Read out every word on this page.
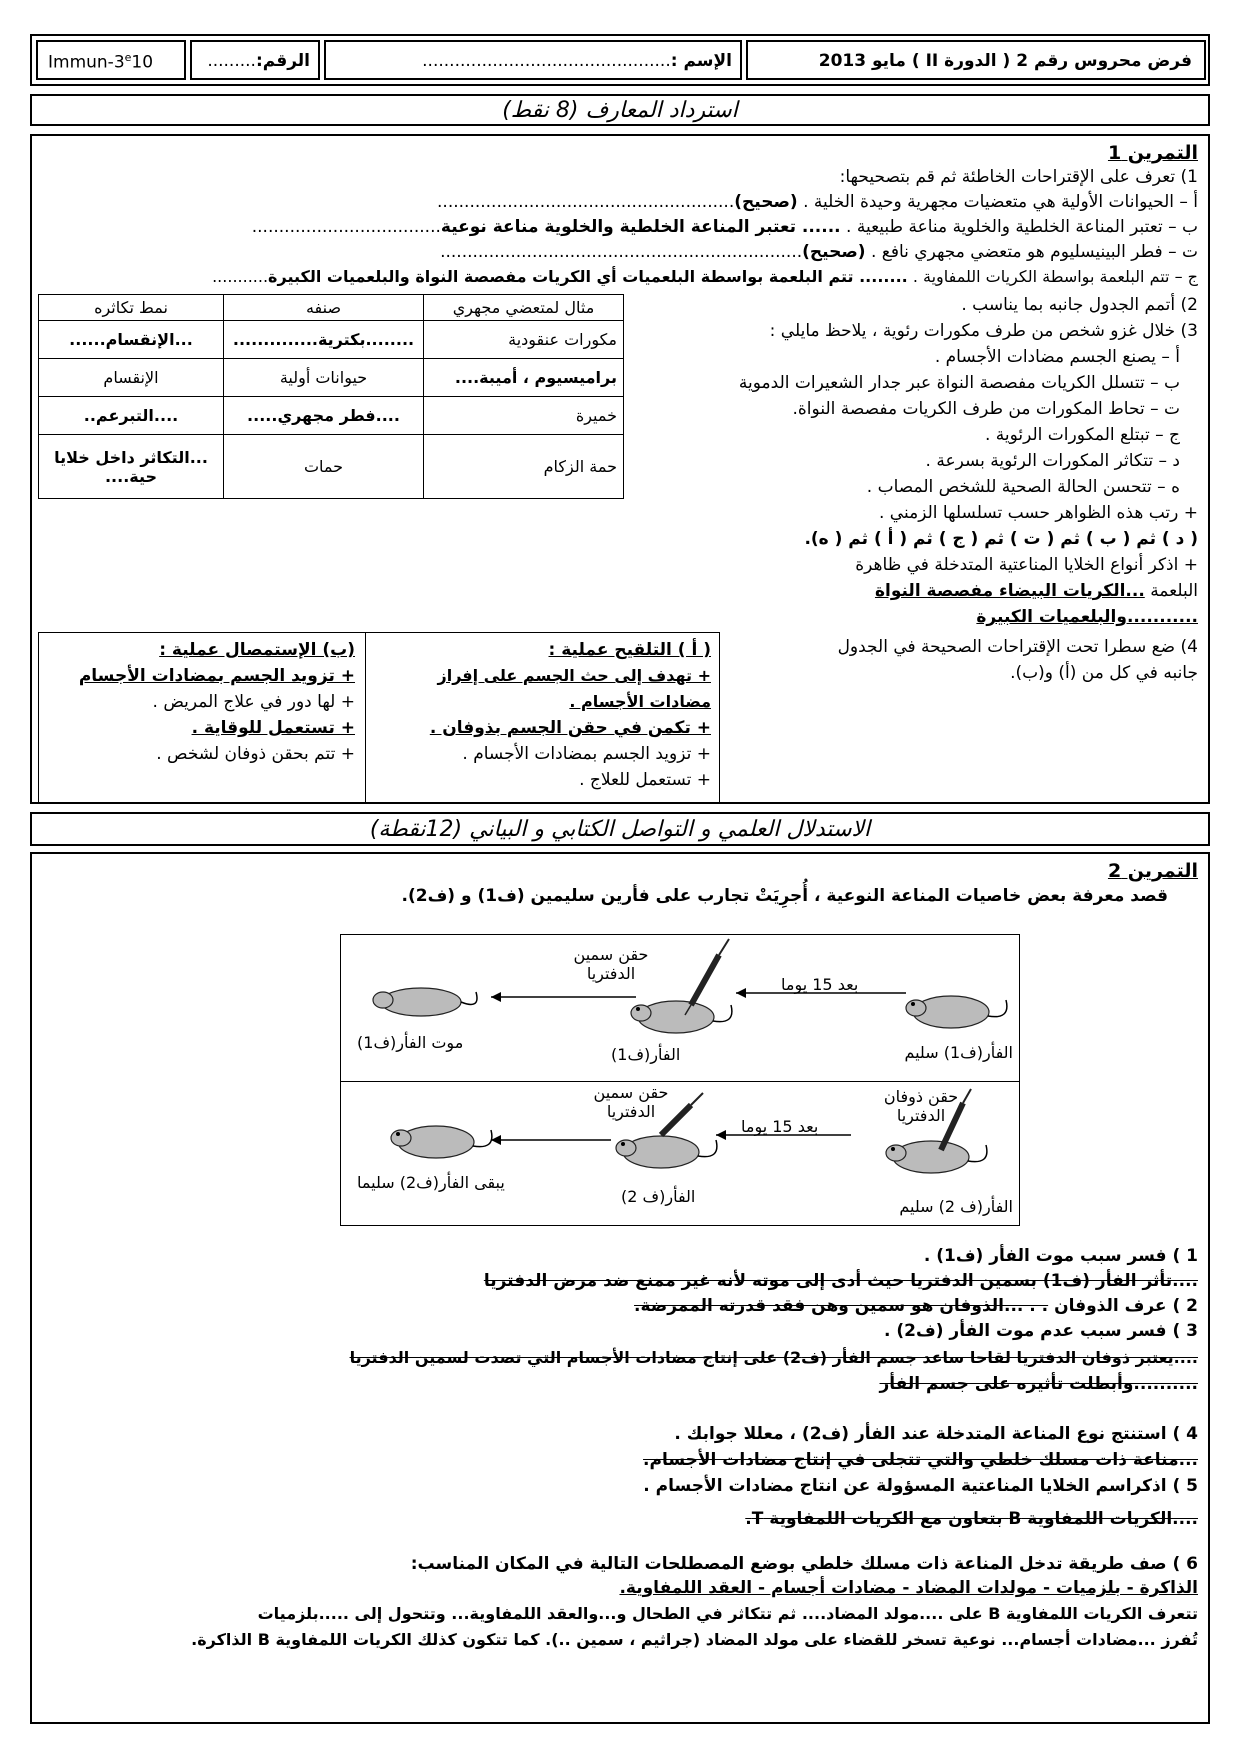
Immun-3e10	الرقم:.........	الإسم :..............................................	فرض محروس رقم 2 ( الدورة II ) مايو 2013
استرداد المعارف (8 نقط)
التمرين 1
1) تعرف على الإقتراحات الخاطئة ثم قم بتصحيحها:
أ – الحيوانات الأولية هي متعضيات مجهرية وحيدة الخلية . (صحيح).......................................................
ب – تعتبر المناعة الخلطية والخلوية مناعة طبيعية . ...... تعتبر المناعة الخلطية والخلوية مناعة نوعية...................................
ت – فطر البينيسليوم هو متعضي مجهري نافع . (صحيح)...................................................................
ج – تتم البلعمة بواسطة الكريات اللمفاوية . ........ تتم البلعمة بواسطة البلعميات أي الكريات مفصصة النواة والبلعميات الكبيرة...........
2) أتمم الجدول جانبه بما يناسب .
3) خلال غزو شخص من طرف مكورات رئوية ، يلاحظ مايلي :
أ – يصنع الجسم مضادات الأجسام .
ب – تتسلل الكريات مفصصة النواة عبر جدار الشعيرات الدموية
ت – تحاط المكورات من طرف الكريات مفصصة النواة.
ج – تبتلع المكورات الرئوية .
د – تتكاثر المكورات الرئوية بسرعة .
ه – تتحسن الحالة الصحية للشخص المصاب .
+ رتب هذه الظواهر حسب تسلسلها الزمني .
( د ) ثم ( ب ) ثم ( ت ) ثم ( ج ) ثم ( أ ) ثم ( ه).
+ اذكر أنواع الخلايا المناعتية المتدخلة في ظاهرة
البلعمة ...الكريات البيضاء مفصصة النواة
...........والبلعميات الكبيرة
4) ضع سطرا تحت الإقتراحات الصحيحة في الجدول
جانبه في كل من (أ) و(ب).
مثال لمتعضي مجهري	صنفه	نمط تكاثره
مكورات عنقودية	........بكترية..............	...الإنقسام......
براميسيوم ، أميبة....	حيوانات أولية	الإنقسام
خميرة	....فطر مجهري.....	....التبرعم..
حمة الزكام	حمات	...التكاثر داخل خلايا حية....
( أ ) التلقيح عملية :
+ تهدف إلى حث الجسم على إفراز مضادات الأجسام .
+ تكمن في حقن الجسم بذوفان .
+ تزويد الجسم بمضادات الأجسام .
+ تستعمل للعلاج .
(ب) الإستمصال عملية :
+ تزويد الجسم بمضادات الأجسام
+ لها دور في علاج المريض .
+ تستعمل للوقاية .
+ تتم بحقن ذوفان لشخص .
الاستدلال العلمي و التواصل الكتابي و البياني (12نقطة)
التمرين 2
قصد معرفة بعض خاصيات المناعة النوعية ، أُجرِيَتْ تجارب على فأرين سليمين (ف1) و (ف2).
الفأر(ف1) سليم
بعد 15 يوما
حقن سمين الدفتريا
الفأر(ف1)
موت الفأر(ف1)
حقن ذوفان الدفتريا
الفأر(ف 2) سليم
بعد 15 يوما
حقن سمين الدفتريا
الفأر(ف 2)
يبقى الفأر(ف2) سليما
1 ) فسر سبب موت الفأر (ف1) .
....تأثر الفأر (ف1) بسمين الدفتريا حيث أدى إلى موته لأنه غير ممنع ضد مرض الدفتريا
2 ) عرف الذوفان . . ...الذوفان هو سمين وهن فقد قدرته الممرضة.
3 ) فسر سبب عدم موت الفأر (ف2) .
....يعتبر ذوفان الدفتريا لقاحا ساعد جسم الفأر (ف2) على إنتاج مضادات الأجسام التي تصدت لسمين الدفتريا
..........وأبطلت تأثيره على جسم الفأر
4 ) استنتج نوع المناعة المتدخلة عند الفأر (ف2) ، معللا جوابك .
...مناعة ذات مسلك خلطي والتي تتجلى في إنتاج مضادات الأجسام.
5 ) اذكراسم الخلايا المناعتية المسؤولة عن انتاج مضادات الأجسام .
....الكريات اللمفاوية B بتعاون مع الكريات اللمفاوية T.
6 ) صف طريقة تدخل المناعة ذات مسلك خلطي بوضع المصطلحات التالية في المكان المناسب:
الذاكرة - بلزميات - مولدات المضاد - مضادات أجسام - العقد اللمفاوية.
تتعرف الكريات اللمفاوية B على ....مولد المضاد.... ثم تتكاثر في الطحال و...والعقد اللمفاوية... وتتحول إلى .....بلزميات
تُفرز ...مضادات أجسام... نوعية تسخر للقضاء على مولد المضاد (جراثيم ، سمين ..). كما تتكون كذلك الكريات اللمفاوية B الذاكرة.
